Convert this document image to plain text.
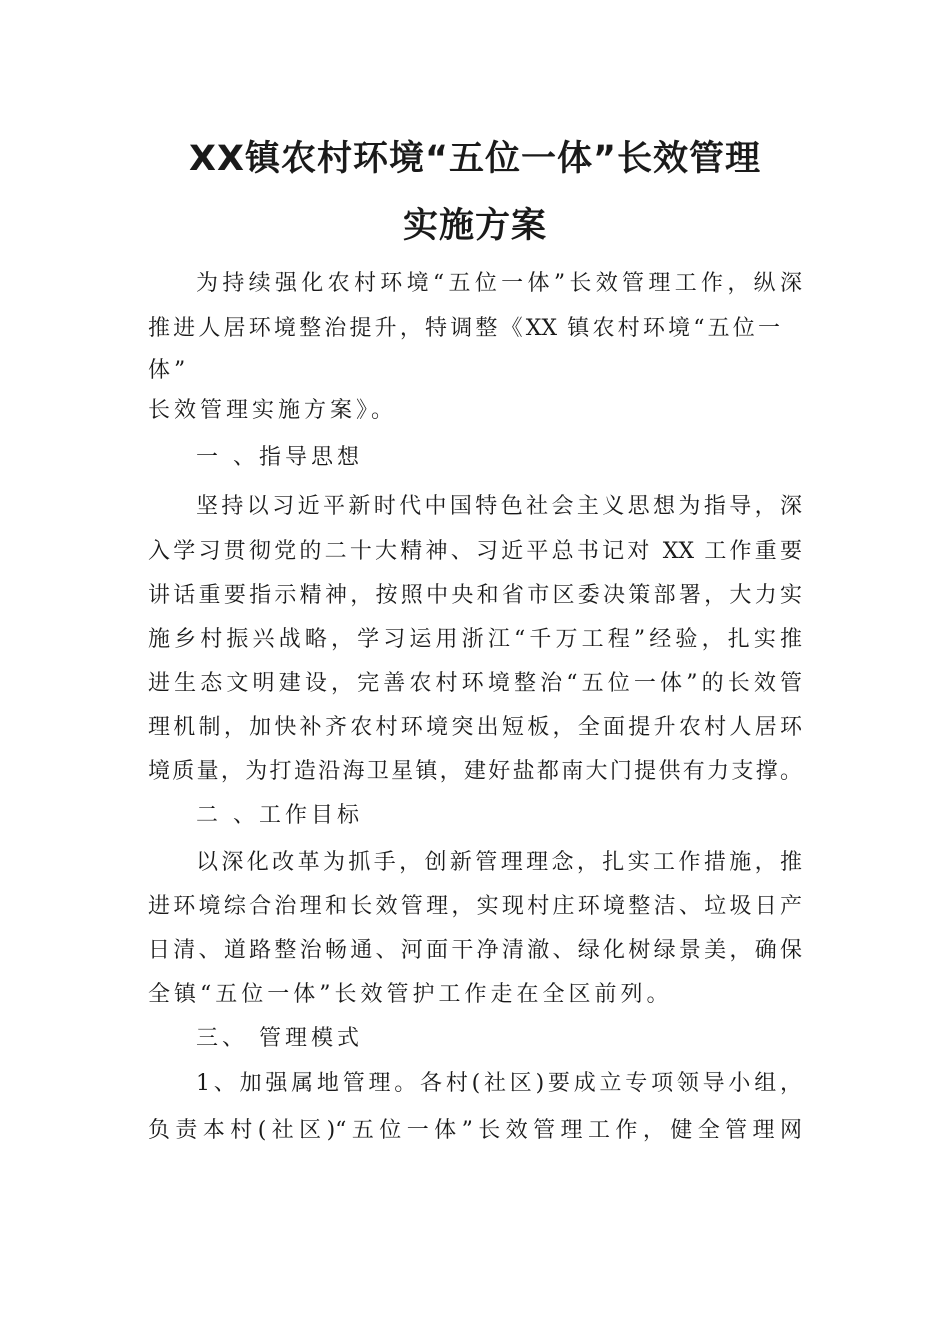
XX镇农村环境“五位一体”长效管理
实施方案
为持续强化农村环境“五位一体”长效管理工作，纵深
推进人居环境整治提升，特调整《XX 镇农村环境“五位一
体”
长效管理实施方案》。
一 、指导思想
坚持以习近平新时代中国特色社会主义思想为指导，深
入学习贯彻党的二十大精神、习近平总书记对 XX 工作重要
讲话重要指示精神，按照中央和省市区委决策部署，大力实
施乡村振兴战略，学习运用浙江“千万工程”经验，扎实推
进生态文明建设，完善农村环境整治“五位一体”的长效管
理机制，加快补齐农村环境突出短板，全面提升农村人居环
境质量，为打造沿海卫星镇，建好盐都南大门提供有力支撑。
二 、工作目标
以深化改革为抓手，创新管理理念，扎实工作措施，推
进环境综合治理和长效管理，实现村庄环境整洁、垃圾日产
日清、道路整治畅通、河面干净清澈、绿化树绿景美，确保
全镇“五位一体”长效管护工作走在全区前列。
三、 管理模式
1、加强属地管理。各村(社区)要成立专项领导小组，
负责本村(社区)“五位一体”长效管理工作，健全管理网
